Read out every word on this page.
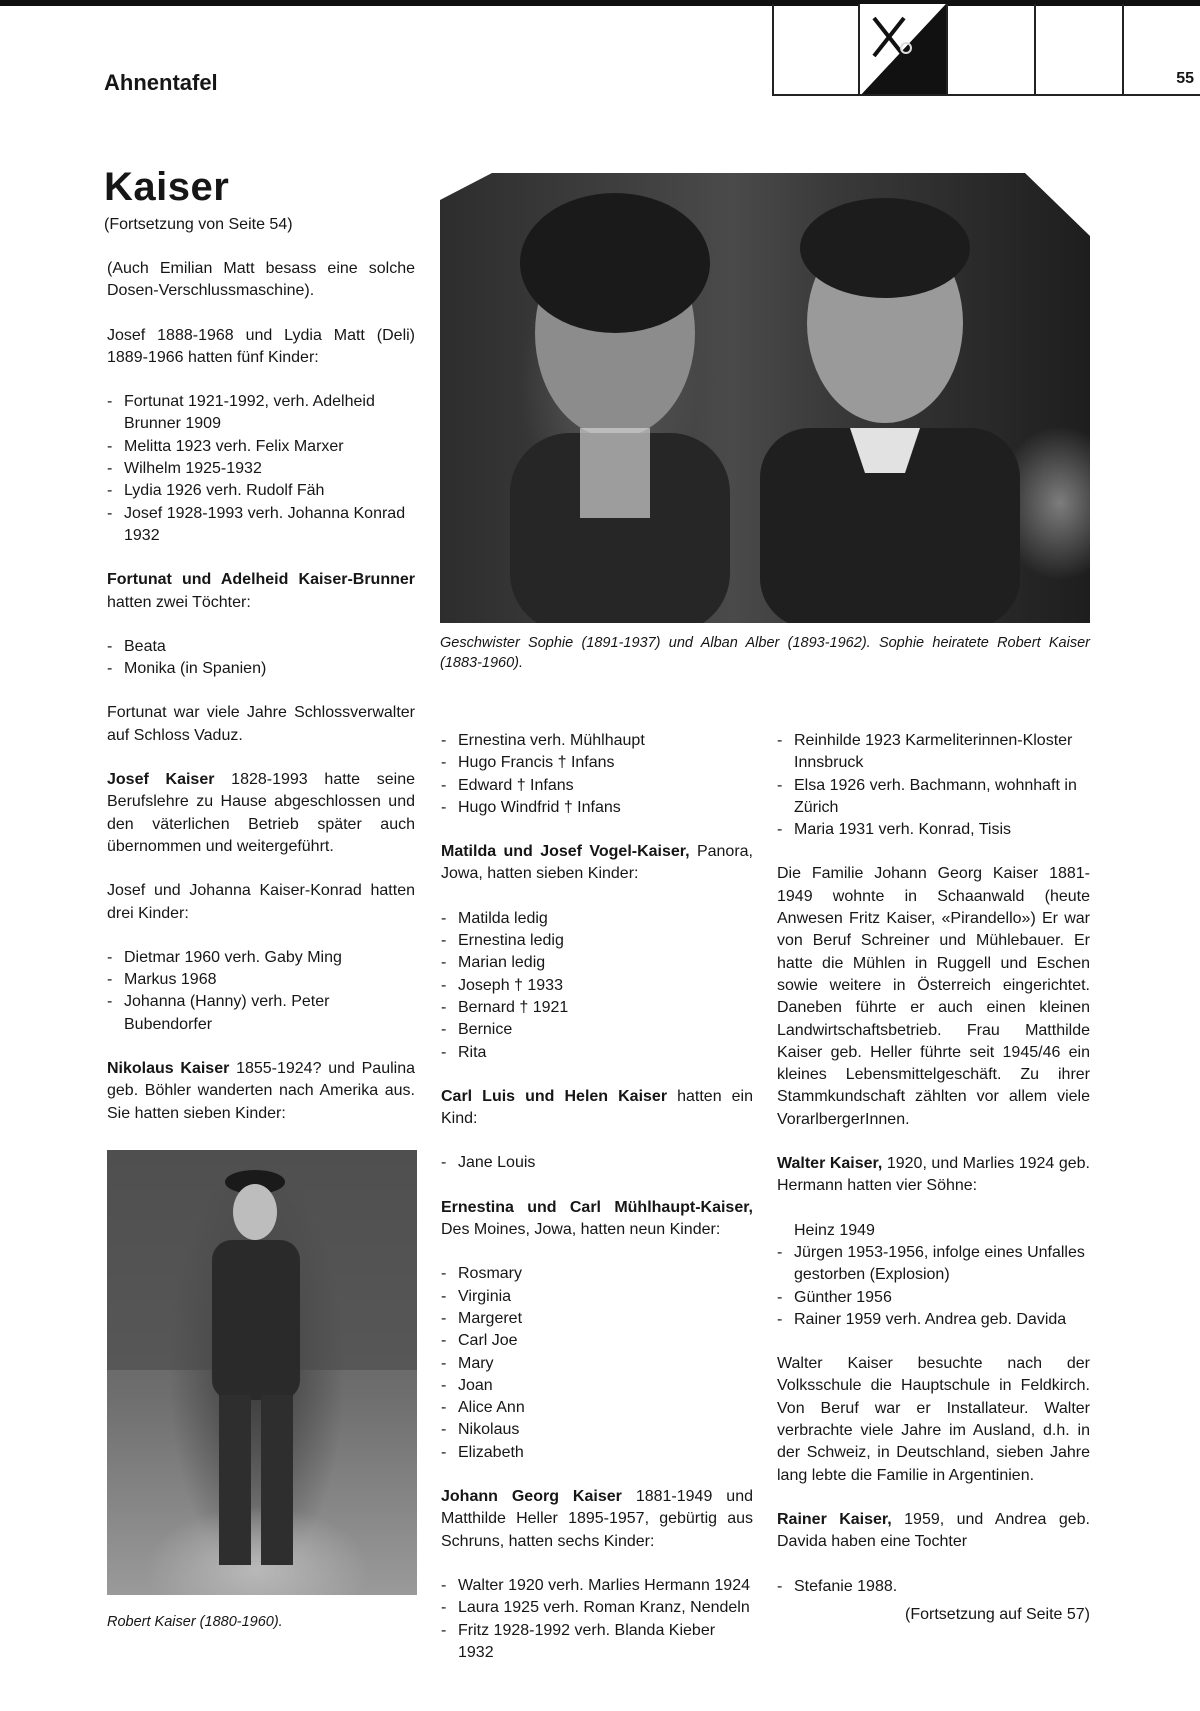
Ahnentafel	55
Kaiser
(Fortsetzung von Seite 54)

(Auch Emilian Matt besass eine solche Dosen-Verschlussmaschine).

Josef 1888-1968 und Lydia Matt (Deli) 1889-1966 hatten fünf Kinder:

- Fortunat 1921-1992, verh. Adelheid Brunner 1909
- Melitta 1923 verh. Felix Marxer
- Wilhelm 1925-1932
- Lydia 1926 verh. Rudolf Fäh
- Josef 1928-1993 verh. Johanna Konrad 1932

Fortunat und Adelheid Kaiser-Brunner hatten zwei Töchter:

- Beata
- Monika (in Spanien)

Fortunat war viele Jahre Schlossverwalter auf Schloss Vaduz.

Josef Kaiser 1828-1993 hatte seine Berufslehre zu Hause abgeschlossen und den väterlichen Betrieb später auch übernommen und weitergeführt.

Josef und Johanna Kaiser-Konrad hatten drei Kinder:

- Dietmar 1960 verh. Gaby Ming
- Markus 1968
- Johanna (Hanny) verh. Peter Bubendorfer

Nikolaus Kaiser 1855-1924? und Paulina geb. Böhler wanderten nach Amerika aus. Sie hatten sieben Kinder:

-
-
-

Geschwister Sophie (1891-1937) und Alban Alber (1893-1962). Sophie heiratete Robert Kaiser (1883-1960).
Robert Kaiser (1880-1960).

- Ernestina verh. Mühlhaupt
- Hugo Francis † Infans
- Edward † Infans
- Hugo Windfrid † Infans

Matilda und Josef Vogel-Kaiser, Panora, Jowa, hatten sieben Kinder:

- Matilda ledig
- Ernestina ledig
- Marian ledig
- Joseph † 1933
- Bernard † 1921
- Bernice
- Rita

Carl Luis und Helen Kaiser hatten ein Kind:

- Jane Louis

Ernestina und Carl Mühlhaupt-Kaiser, Des Moines, Jowa, hatten neun Kinder:

- Rosmary
- Virginia
- Margeret
- Carl Joe
- Mary
- Joan
- Alice Ann
- Nikolaus
- Elizabeth

Johann Georg Kaiser 1881-1949 und Matthilde Heller 1895-1957, gebürtig aus Schruns, hatten sechs Kinder:

- Walter 1920 verh. Marlies Hermann 1924
- Laura 1925 verh. Roman Kranz, Nendeln
- Fritz 1928-1992 verh. Blanda Kieber 1932

- Reinhilde 1923 Karmeliterinnen-Kloster Innsbruck
- Elsa 1926 verh. Bachmann, wohnhaft in Zürich
- Maria 1931 verh. Konrad, Tisis

Die Familie Johann Georg Kaiser 1881-1949 wohnte in Schaanwald (heute Anwesen Fritz Kaiser, «Pirandello») Er war von Beruf Schreiner und Mühlebauer. Er hatte die Mühlen in Ruggell und Eschen sowie weitere in Österreich eingerichtet. Daneben führte er auch einen kleinen Landwirtschaftsbetrieb. Frau Matthilde Kaiser geb. Heller führte seit 1945/46 ein kleines Lebensmittelgeschäft. Zu ihrer Stammkundschaft zählten vor allem viele VorarlbergerInnen.

Walter Kaiser, 1920, und Marlies 1924 geb. Hermann hatten vier Söhne:

Heinz 1949
- Jürgen 1953-1956, infolge eines Unfalles gestorben (Explosion)
- Günther 1956
- Rainer 1959 verh. Andrea geb. Davida

Walter Kaiser besuchte nach der Volksschule die Hauptschule in Feldkirch. Von Beruf war er Installateur. Walter verbrachte viele Jahre im Ausland, d.h. in der Schweiz, in Deutschland, sieben Jahre lang lebte die Familie in Argentinien.

Rainer Kaiser, 1959, und Andrea geb. Davida haben eine Tochter

- Stefanie 1988.

(Fortsetzung auf Seite 57)
